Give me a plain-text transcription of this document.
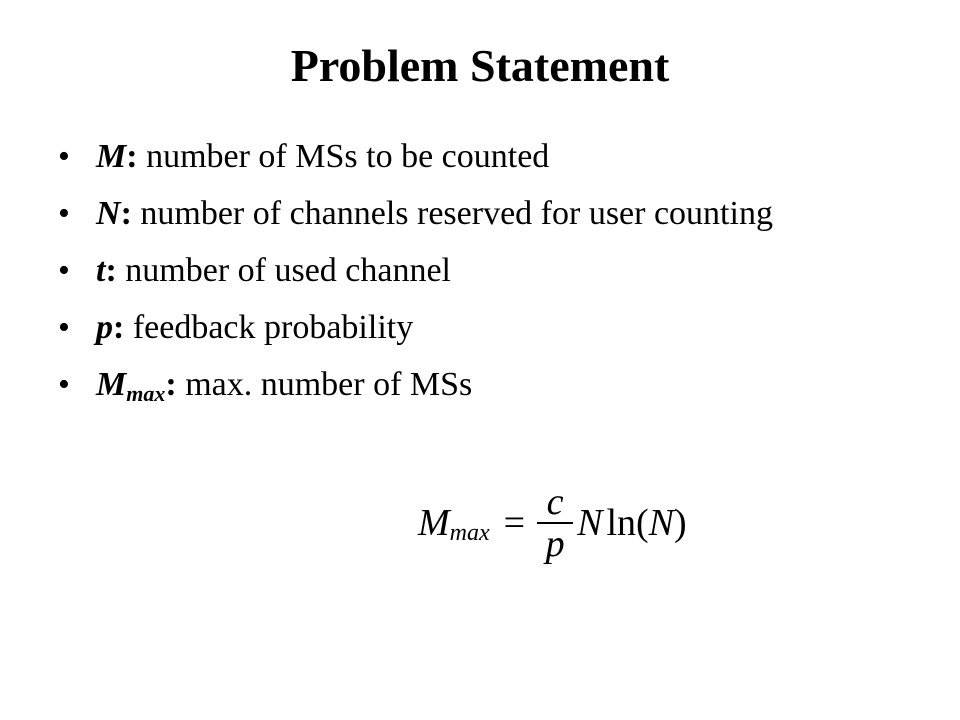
Problem Statement
• M: number of MSs to be counted
• N: number of channels reserved for user counting
• t: number of used channel
• p: feedback probability
• $M_{max}$: max. number of MSs
M $\max = \frac{c}{p}$ N ln ( N )
